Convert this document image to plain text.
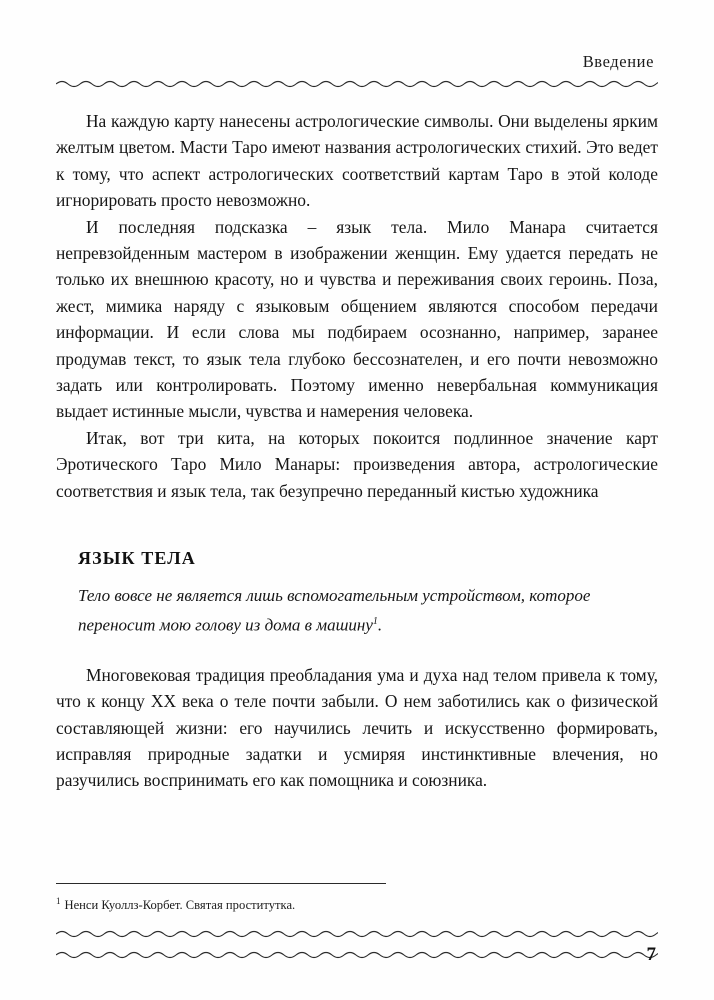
Введение

На каждую карту нанесены астрологические символы. Они выделены ярким желтым цветом. Масти Таро имеют названия астрологических стихий. Это ведет к тому, что аспект астрологических соответствий картам Таро в этой колоде игнорировать просто невозможно.

И последняя подсказка – язык тела. Мило Манара считается непревзойденным мастером в изображении женщин. Ему удается передать не только их внешнюю красоту, но и чувства и переживания своих героинь. Поза, жест, мимика наряду с языковым общением являются способом передачи информации. И если слова мы подбираем осознанно, например, заранее продумав текст, то язык тела глубоко бессознателен, и его почти невозможно задать или контролировать. Поэтому именно невербальная коммуникация выдает истинные мысли, чувства и намерения человека.

Итак, вот три кита, на которых покоится подлинное значение карт Эротического Таро Мило Манары: произведения автора, астрологические соответствия и язык тела, так безупречно переданный кистью художника

ЯЗЫК ТЕЛА
Тело вовсе не является лишь вспомогательным устройством, которое переносит мою голову из дома в машину$^1$.

Многовековая традиция преобладания ума и духа над телом привела к тому, что к концу XX века о теле почти забыли. О нем заботились как о физической составляющей жизни: его научились лечить и искусственно формировать, исправляя природные задатки и усмиряя инстинктивные влечения, но разучились воспринимать его как помощника и союзника.

$^1$ Ненси Куоллз-Корбет. Святая проститутка.
7
